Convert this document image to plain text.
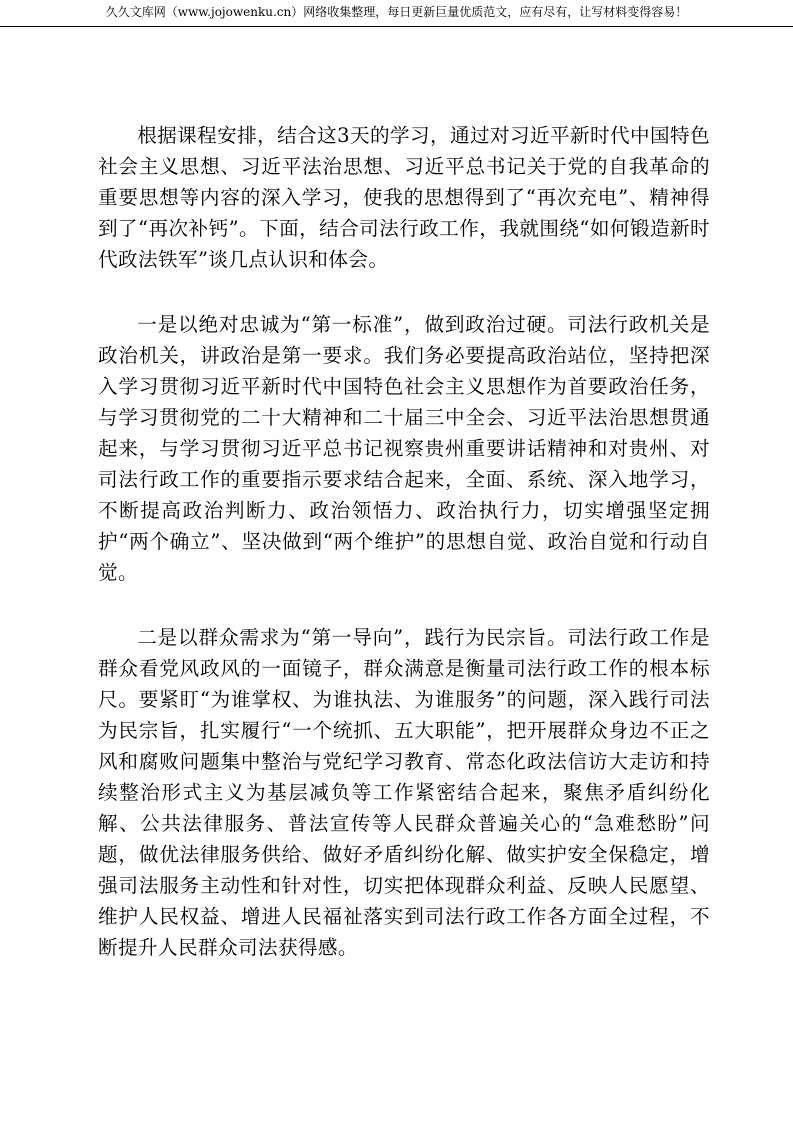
久久文库网（www.jojowenku.cn）网络收集整理，每日更新巨量优质范文，应有尽有，让写材料变得容易！

根据课程安排，结合这3天的学习，通过对习近平新时代中国特色社会主义思想、习近平法治思想、习近平总书记关于党的自我革命的重要思想等内容的深入学习，使我的思想得到了“再次充电”、精神得到了“再次补钙”。下面，结合司法行政工作，我就围绕“如何锻造新时代政法铁军”谈几点认识和体会。

一是以绝对忠诚为“第一标准”，做到政治过硬。司法行政机关是政治机关，讲政治是第一要求。我们务必要提高政治站位，坚持把深入学习贯彻习近平新时代中国特色社会主义思想作为首要政治任务，与学习贯彻党的二十大精神和二十届三中全会、习近平法治思想贯通起来，与学习贯彻习近平总书记视察贵州重要讲话精神和对贵州、对司法行政工作的重要指示要求结合起来，全面、系统、深入地学习，不断提高政治判断力、政治领悟力、政治执行力，切实增强坚定拥护“两个确立”、坚决做到“两个维护”的思想自觉、政治自觉和行动自觉。

二是以群众需求为“第一导向”，践行为民宗旨。司法行政工作是群众看党风政风的一面镜子，群众满意是衡量司法行政工作的根本标尺。要紧盯“为谁掌权、为谁执法、为谁服务”的问题，深入践行司法为民宗旨，扎实履行“一个统抓、五大职能”，把开展群众身边不正之风和腐败问题集中整治与党纪学习教育、常态化政法信访大走访和持续整治形式主义为基层减负等工作紧密结合起来，聚焦矛盾纠纷化解、公共法律服务、普法宣传等人民群众普遍关心的“急难愁盼”问题，做优法律服务供给、做好矛盾纠纷化解、做实护安全保稳定，增强司法服务主动性和针对性，切实把体现群众利益、反映人民愿望、维护人民权益、增进人民福祉落实到司法行政工作各方面全过程，不断提升人民群众司法获得感。
